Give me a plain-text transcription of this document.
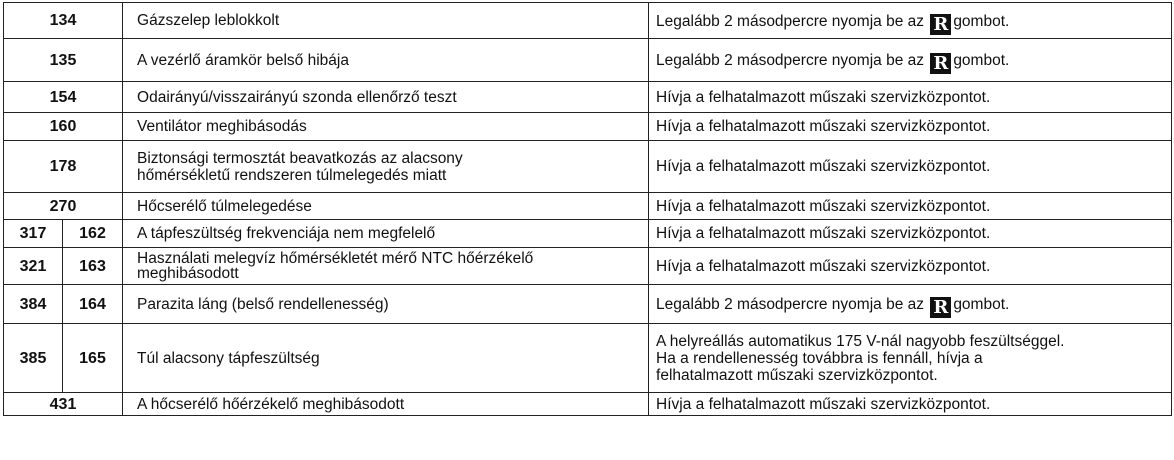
134		Gázszelep leblokkolt	Legalább 2 másodpercre nyomja be az R gombot.
135		A vezérlő áramkör belső hibája	Legalább 2 másodpercre nyomja be az R gombot.
154		Odairányú/visszairányú szonda ellenőrző teszt	Hívja a felhatalmazott műszaki szervizközpontot.
160		Ventilátor meghibásodás	Hívja a felhatalmazott műszaki szervizközpontot.
178		Biztonsági termosztát beavatkozás az alacsony
hőmérsékletű rendszeren túlmelegedés miatt	Hívja a felhatalmazott műszaki szervizközpontot.
270		Hőcserélő túlmelegedése	Hívja a felhatalmazott műszaki szervizközpontot.
317	162	A tápfeszültség frekvenciája nem megfelelő	Hívja a felhatalmazott műszaki szervizközpontot.
321	163	Használati melegvíz hőmérsékletét mérő NTC hőérzékelő
meghibásodott	Hívja a felhatalmazott műszaki szervizközpontot.
384	164	Parazita láng (belső rendellenesség)	Legalább 2 másodpercre nyomja be az R gombot.
385	165	Túl alacsony tápfeszültség	A helyreállás automatikus 175 V-nál nagyobb feszültséggel.
Ha a rendellenesség továbbra is fennáll, hívja a
felhatalmazott műszaki szervizközpontot.

431		A hőcserélő hőérzékelő meghibásodott	Hívja a felhatalmazott műszaki szervizközpontot.
